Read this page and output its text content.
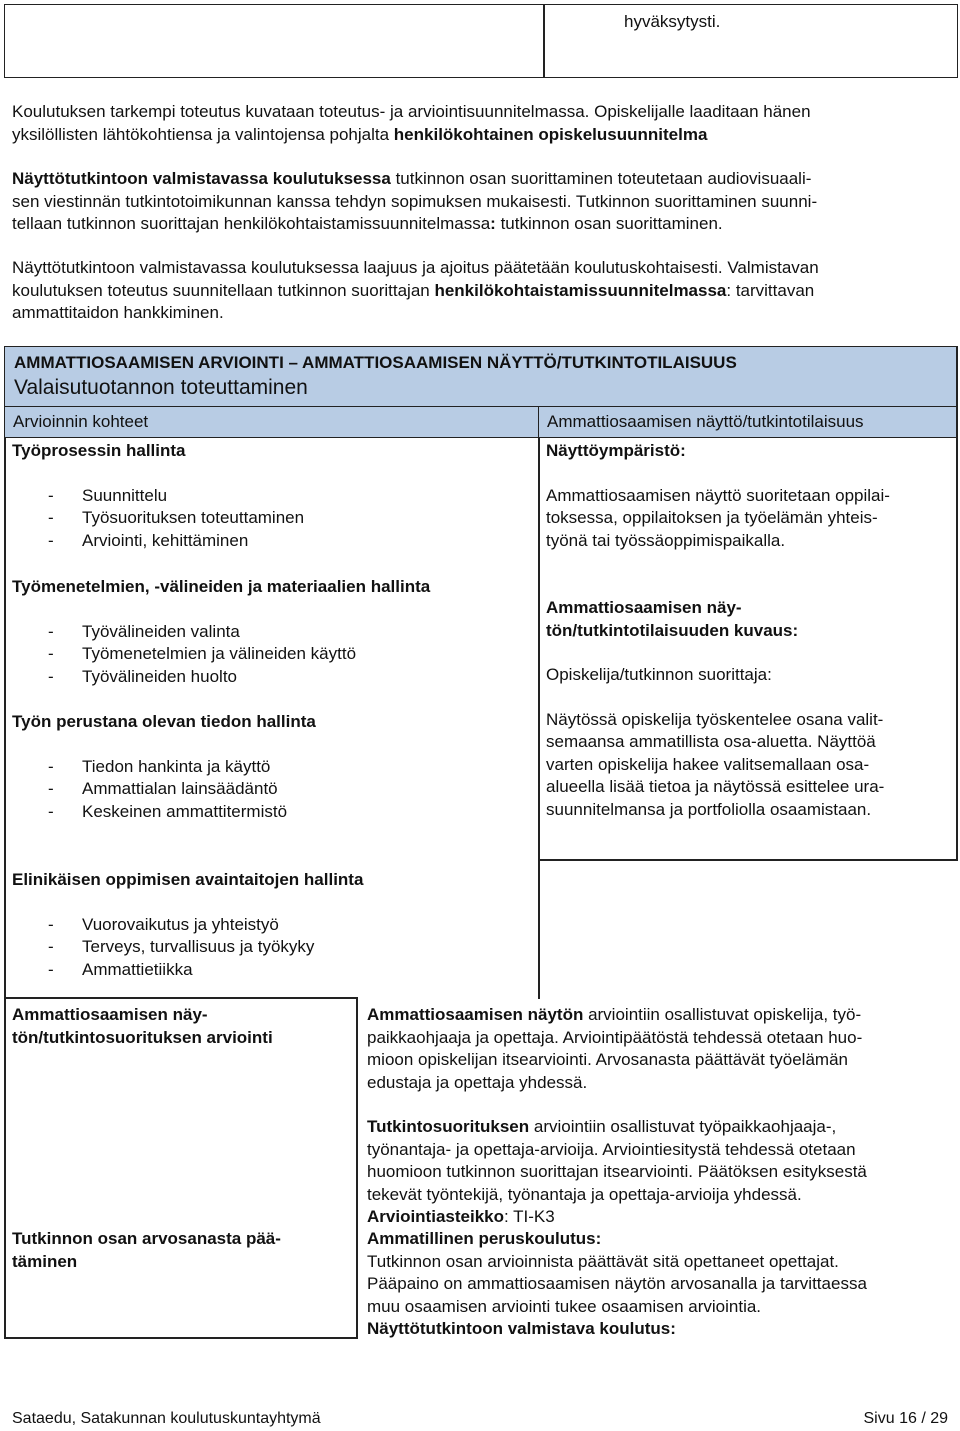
hyväksytysti.
Koulutuksen tarkempi toteutus kuvataan toteutus- ja arviointisuunnitelmassa. Opiskelijalle laaditaan hänen
yksilöllisten lähtökohtiensa ja valintojensa pohjalta henkilökohtainen opiskelusuunnitelma
Näyttötutkintoon valmistavassa koulutuksessa tutkinnon osan suorittaminen toteutetaan audiovisuaali-
sen viestinnän tutkintotoimikunnan kanssa tehdyn sopimuksen mukaisesti. Tutkinnon suorittaminen suunni-
tellaan tutkinnon suorittajan henkilökohtaistamissuunnitelmassa: tutkinnon osan suorittaminen.
Näyttötutkintoon valmistavassa koulutuksessa laajuus ja ajoitus päätetään koulutuskohtaisesti. Valmistavan
koulutuksen toteutus suunnitellaan tutkinnon suorittajan henkilökohtaistamissuunnitelmassa: tarvittavan
ammattitaidon hankkiminen.
AMMATTIOSAAMISEN ARVIOINTI – AMMATTIOSAAMISEN NÄYTTÖ/TUTKINTOTILAISUUS
Valaisutuotannon toteuttaminen
Arvioinnin kohteet	Ammattiosaamisen näyttö/tutkintotilaisuus
Työprosessin hallinta
- Suunnittelu
- Työsuorituksen toteuttaminen
- Arviointi, kehittäminen
Työmenetelmien, -välineiden ja materiaalien hallinta
- Työvälineiden valinta
- Työmenetelmien ja välineiden käyttö
- Työvälineiden huolto
Työn perustana olevan tiedon hallinta
- Tiedon hankinta ja käyttö
- Ammattialan lainsäädäntö
- Keskeinen ammattitermistö
Elinikäisen oppimisen avaintaitojen hallinta
- Vuorovaikutus ja yhteistyö
- Terveys, turvallisuus ja työkyky
- Ammattietiikka
Näyttöympäristö:
Ammattiosaamisen näyttö suoritetaan oppilai-
toksessa, oppilaitoksen ja työelämän yhteis-
työnä tai työssäoppimispaikalla.
Ammattiosaamisen näy-
tön/tutkintotilaisuuden kuvaus:
Opiskelija/tutkinnon suorittaja:
Näytössä opiskelija työskentelee osana valit-
semaansa ammatillista osa-aluetta. Näyttöä
varten opiskelija hakee valitsemallaan osa-
alueella lisää tietoa ja näytössä esittelee ura-
suunnitelmansa ja portfoliolla osaamistaan.
Ammattiosaamisen näy-
tön/tutkintosuorituksen arviointi
Ammattiosaamisen näytön arviointiin osallistuvat opiskelija, työ-
paikkaohjaaja ja opettaja. Arviointipäätöstä tehdessä otetaan huo-
mioon opiskelijan itsearviointi. Arvosanasta päättävät työelämän
edustaja ja opettaja yhdessä.
Tutkintosuorituksen arviointiin osallistuvat työpaikkaohjaaja-,
työnantaja- ja opettaja-arvioija. Arviointiesitystä tehdessä otetaan
huomioon tutkinnon suorittajan itsearviointi. Päätöksen esityksestä
tekevät työntekijä, työnantaja ja opettaja-arvioija yhdessä.
Arviointiasteikko: TI-K3
Tutkinnon osan arvosanasta pää-
täminen
Ammatillinen peruskoulutus:
Tutkinnon osan arvioinnista päättävät sitä opettaneet opettajat.
Pääpaino on ammattiosaamisen näytön arvosanalla ja tarvittaessa
muu osaamisen arviointi tukee osaamisen arviointia.
Näyttötutkintoon valmistava koulutus:
Sataedu, Satakunnan koulutuskuntayhtymä	Sivu 16 / 29
